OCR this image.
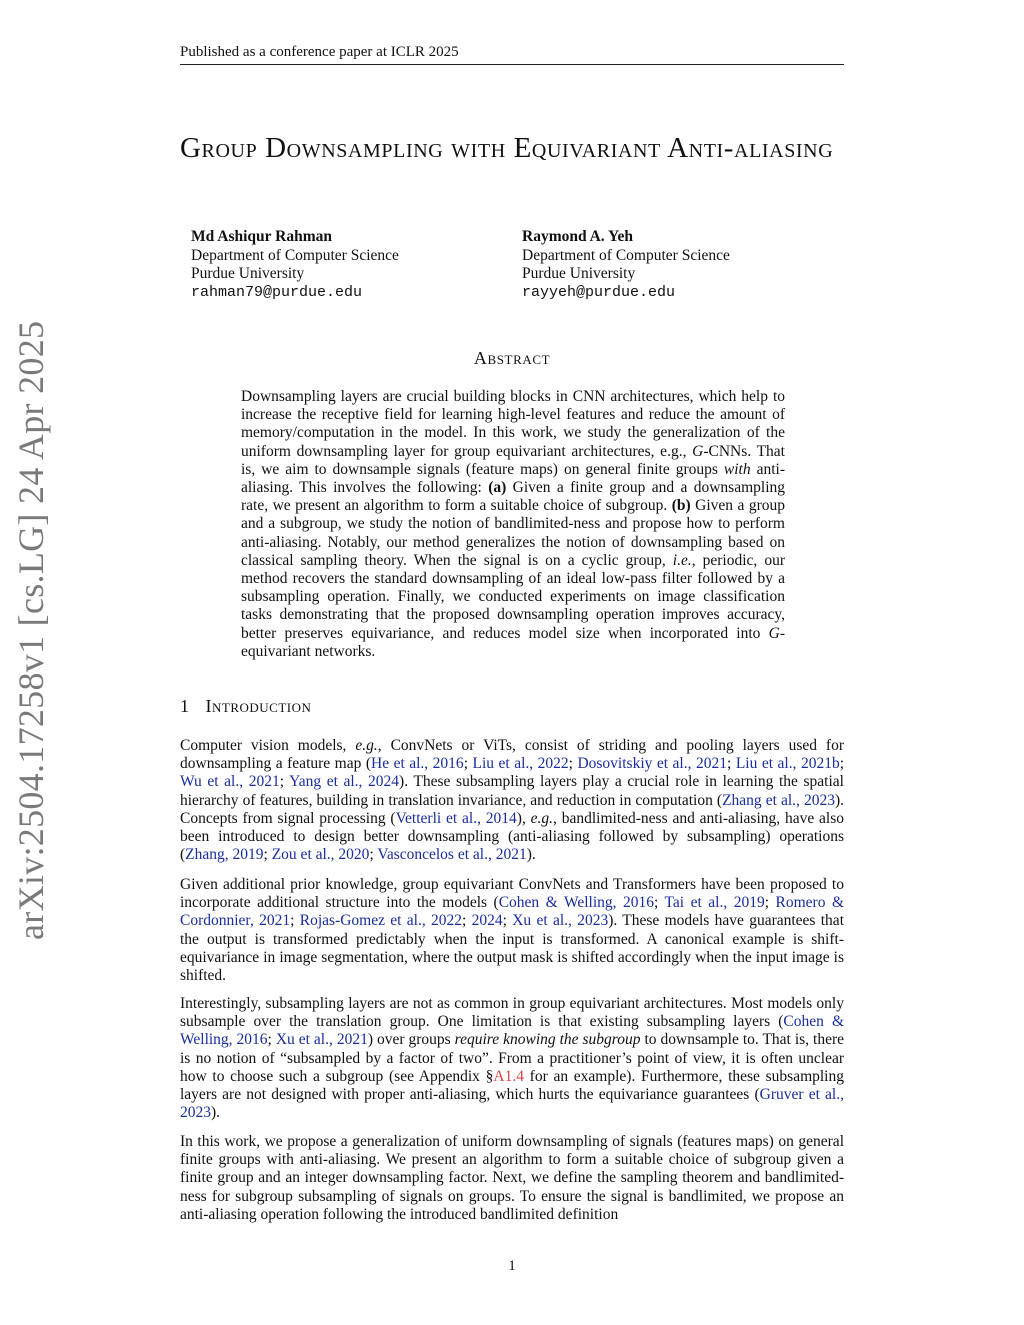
Published as a conference paper at ICLR 2025
arXiv:2504.17258v1 [cs.LG] 24 Apr 2025
Group Downsampling with Equivariant Anti-aliasing
Md Ashiqur Rahman
Department of Computer Science
Purdue University
rahman79@purdue.edu
Raymond A. Yeh
Department of Computer Science
Purdue University
rayyeh@purdue.edu
Abstract
Downsampling layers are crucial building blocks in CNN architectures, which help to increase the receptive field for learning high-level features and reduce the amount of memory/computation in the model. In this work, we study the generalization of the uniform downsampling layer for group equivariant architectures, e.g., G-CNNs. That is, we aim to downsample signals (feature maps) on general finite groups with anti-aliasing. This involves the following: (a) Given a finite group and a downsampling rate, we present an algorithm to form a suitable choice of subgroup. (b) Given a group and a subgroup, we study the notion of bandlimited-ness and propose how to perform anti-aliasing. Notably, our method generalizes the notion of downsampling based on classical sampling theory. When the signal is on a cyclic group, i.e., periodic, our method recovers the standard downsampling of an ideal low-pass filter followed by a subsampling operation. Finally, we conducted experiments on image classification tasks demonstrating that the proposed downsampling operation improves accuracy, better preserves equivariance, and reduces model size when incorporated into G-equivariant networks.
1 Introduction

Computer vision models, e.g., ConvNets or ViTs, consist of striding and pooling layers used for downsampling a feature map (He et al., 2016; Liu et al., 2022; Dosovitskiy et al., 2021; Liu et al., 2021b; Wu et al., 2021; Yang et al., 2024). These subsampling layers play a crucial role in learning the spatial hierarchy of features, building in translation invariance, and reduction in computation (Zhang et al., 2023). Concepts from signal processing (Vetterli et al., 2014), e.g., bandlimited-ness and anti-aliasing, have also been introduced to design better downsampling (anti-aliasing followed by subsampling) operations (Zhang, 2019; Zou et al., 2020; Vasconcelos et al., 2021).

Given additional prior knowledge, group equivariant ConvNets and Transformers have been proposed to incorporate additional structure into the models (Cohen & Welling, 2016; Tai et al., 2019; Romero & Cordonnier, 2021; Rojas-Gomez et al., 2022; 2024; Xu et al., 2023). These models have guarantees that the output is transformed predictably when the input is transformed. A canonical example is shift-equivariance in image segmentation, where the output mask is shifted accordingly when the input image is shifted.

Interestingly, subsampling layers are not as common in group equivariant architectures. Most models only subsample over the translation group. One limitation is that existing subsampling layers (Cohen & Welling, 2016; Xu et al., 2021) over groups require knowing the subgroup to downsample to. That is, there is no notion of “subsampled by a factor of two”. From a practitioner’s point of view, it is often unclear how to choose such a subgroup (see Appendix §A1.4 for an example). Furthermore, these subsampling layers are not designed with proper anti-aliasing, which hurts the equivariance guarantees (Gruver et al., 2023).

In this work, we propose a generalization of uniform downsampling of signals (features maps) on general finite groups with anti-aliasing. We present an algorithm to form a suitable choice of subgroup given a finite group and an integer downsampling factor. Next, we define the sampling theorem and bandlimited-ness for subgroup subsampling of signals on groups. To ensure the signal is bandlimited, we propose an anti-aliasing operation following the introduced bandlimited definition

1
